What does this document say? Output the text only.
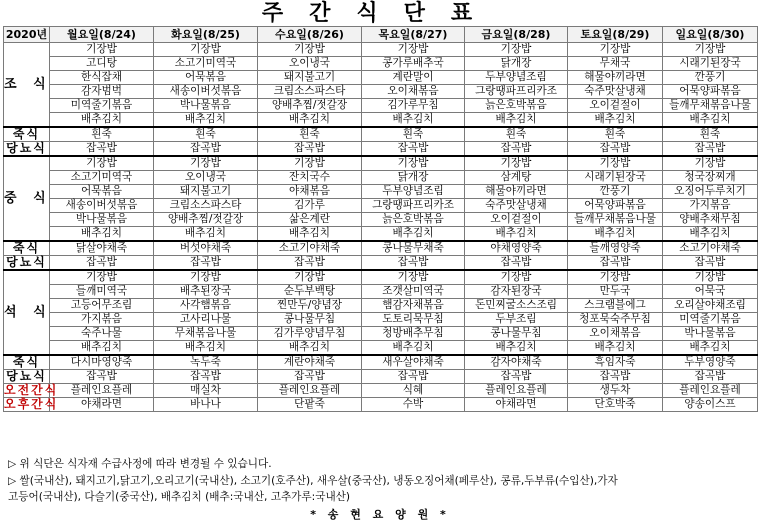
주간식단표
2020년	월요일(8/24)	화요일(8/25)	수요일(8/26)	목요일(8/27)	금요일(8/28)	토요일(8/29)	일요일(8/30)
조 식	기장밥	기장밥	기장밥	기장밥	기장밥	기장밥	기장밥
	고디탕	소고기미역국	오이냉국	콩가루배추국	닭개장	무채국	시래기된장국
	한식잡채	어묵볶음	돼지불고기	계란말이	두부양념조림	해물야끼라면	깐풍기
	감자범벅	새송이버섯볶음	크림소스파스타	오이채볶음	그랑땡파프리카조	숙주맛살냉채	어묵양파볶음
	미역줄기볶음	박나물볶음	양배추찜/젓갈장	김가루무침	늙은호박볶음	오이겉절이	들깨무채볶음나물
	배추김치	배추김치	배추김치	배추김치	배추김치	배추김치	배추김치
죽식	흰죽	흰죽	흰죽	흰죽	흰죽	흰죽	흰죽
당뇨식	잡곡밥	잡곡밥	잡곡밥	잡곡밥	잡곡밥	잡곡밥	잡곡밥
중 식	기장밥	기장밥	기장밥	기장밥	기장밥	기장밥	기장밥
	소고기미역국	오이냉국	잔치국수	닭개장	삼계탕	시래기된장국	청국장찌개
	어묵볶음	돼지불고기	야채볶음	두부양념조림	해물야끼라면	깐풍기	오징어두루치기
	새송이버섯볶음	크림소스파스타	김가루	그랑땡파프리카조	숙주맛살냉채	어묵양파볶음	가지볶음
	박나물볶음	양배추찜/젓갈장	삶은계란	늙은호박볶음	오이겉절이	들깨무채볶음나물	양배추채무침
	배추김치	배추김치	배추김치	배추김치	배추김치	배추김치	배추김치
죽식	닭살야채죽	버섯야채죽	소고기야채죽	콩나물무채죽	야채영양죽	들깨영양죽	소고기야채죽
당뇨식	잡곡밥	잡곡밥	잡곡밥	잡곡밥	잡곡밥	잡곡밥	잡곡밥
석 식	기장밥	기장밥	기장밥	기장밥	기장밥	기장밥	기장밥
	들깨미역국	배추된장국	순두부백탕	조갯살미역국	감자된장국	만두국	어묵국
	고등어무조림	사각햄볶음	찐만두/양념장	햄감자채볶음	돈민찌굴소스조림	스크램블에그	오리살야채조림
	가지볶음	고사리나물	콩나물무침	도토리묵무침	두부조림	청포묵숙주무침	미역줄기볶음
	숙주나물	무채볶음나물	김가루양념무침	청방배추무침	콩나물무침	오이채볶음	박나물볶음
	배추김치	배추김치	배추김치	배추김치	배추김치	배추김치	배추김치
죽식	다시마영양죽	녹두죽	계란야채죽	새우살야채죽	감자야채죽	흑임자죽	두부영양죽
당뇨식	잡곡밥	잡곡밥	잡곡밥	잡곡밥	잡곡밥	잡곡밥	잡곡밥
오전간식	플레인요플레	매실차	플레인요플레	식혜	플레인요플레	생두차	플레인요플레
오후간식	야채라면	바나나	단팥죽	수박	야채라면	단호박죽	양송이스프
▷ 위 식단은 식자재 수급사정에 따라 변경될 수 있습니다.
▷ 쌀(국내산), 돼지고기,닭고기,오리고기(국내산), 소고기(호주산), 새우살(중국산), 냉동오징어채(페루산), 콩류,두부류(수입산),가자
고등어(국내산), 다슬기(중국산), 배추김치 (배추:국내산, 고추가루:국내산)
* 송 현 요 양 원 *
